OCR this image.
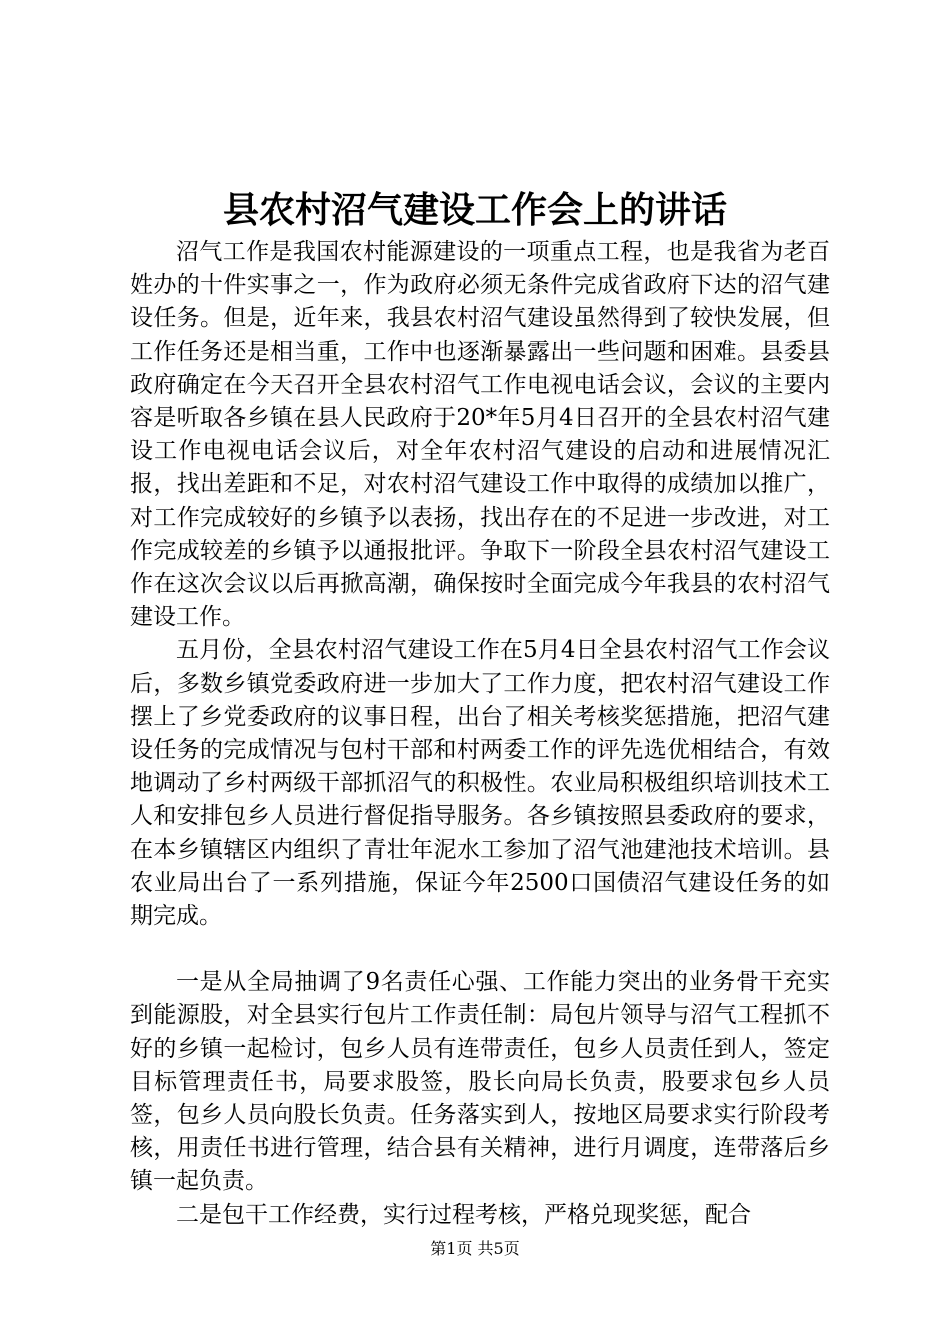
县农村沼气建设工作会上的讲话

沼气工作是我国农村能源建设的一项重点工程，也是我省为老百姓办的十件实事之一，作为政府必须无条件完成省政府下达的沼气建设任务。但是，近年来，我县农村沼气建设虽然得到了较快发展，但工作任务还是相当重，工作中也逐渐暴露出一些问题和困难。县委县政府确定在今天召开全县农村沼气工作电视电话会议，会议的主要内容是听取各乡镇在县人民政府于20*年5月4日召开的全县农村沼气建设工作电视电话会议后，对全年农村沼气建设的启动和进展情况汇报，找出差距和不足，对农村沼气建设工作中取得的成绩加以推广，对工作完成较好的乡镇予以表扬，找出存在的不足进一步改进，对工作完成较差的乡镇予以通报批评。争取下一阶段全县农村沼气建设工作在这次会议以后再掀高潮，确保按时全面完成今年我县的农村沼气建设工作。

五月份，全县农村沼气建设工作在5月4日全县农村沼气工作会议后，多数乡镇党委政府进一步加大了工作力度，把农村沼气建设工作摆上了乡党委政府的议事日程，出台了相关考核奖惩措施，把沼气建设任务的完成情况与包村干部和村两委工作的评先选优相结合，有效地调动了乡村两级干部抓沼气的积极性。农业局积极组织培训技术工人和安排包乡人员进行督促指导服务。各乡镇按照县委政府的要求，在本乡镇辖区内组织了青壮年泥水工参加了沼气池建池技术培训。县农业局出台了一系列措施，保证今年2500口国债沼气建设任务的如期完成。

一是从全局抽调了9名责任心强、工作能力突出的业务骨干充实到能源股，对全县实行包片工作责任制：局包片领导与沼气工程抓不好的乡镇一起检讨，包乡人员有连带责任，包乡人员责任到人，签定目标管理责任书，局要求股签，股长向局长负责，股要求包乡人员签，包乡人员向股长负责。任务落实到人，按地区局要求实行阶段考核，用责任书进行管理，结合县有关精神，进行月调度，连带落后乡镇一起负责。

二是包干工作经费，实行过程考核，严格兑现奖惩，配合

第1页 共5页
